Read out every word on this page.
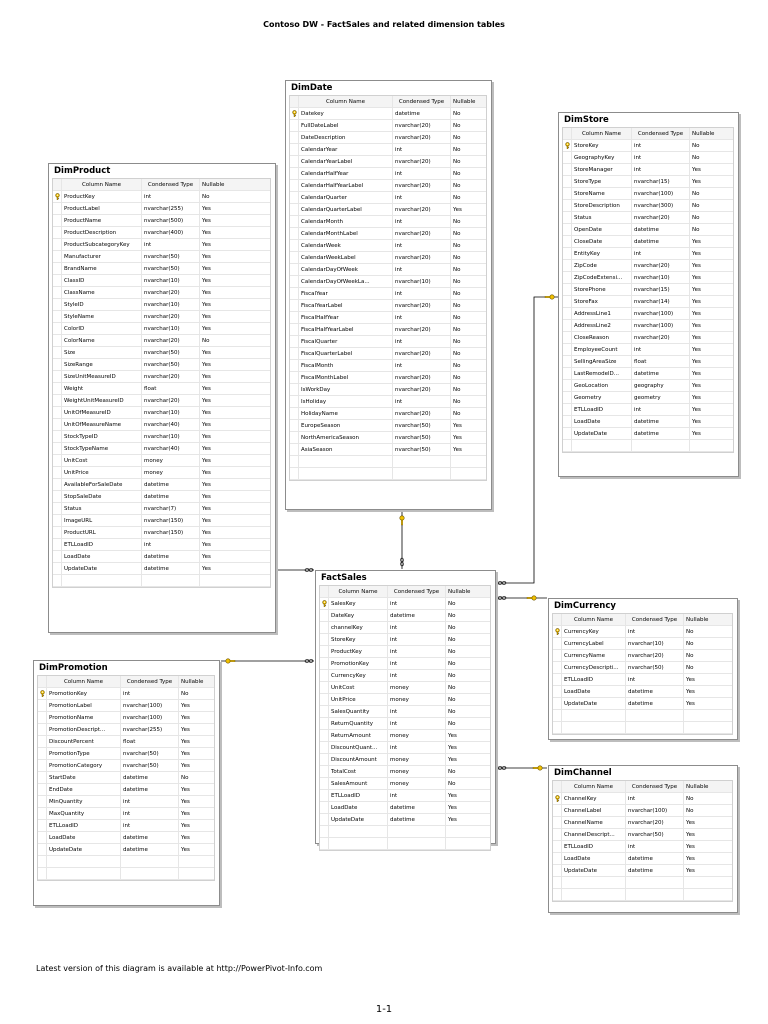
Contoso DW - FactSales and related dimension tables
DimDate
Column Name	Condensed Type	Nullable
Datekey	datetime	No
FullDateLabel	nvarchar(20)	No
DateDescription	nvarchar(20)	No
CalendarYear	int	No
CalendarYearLabel	nvarchar(20)	No
CalendarHalfYear	int	No
CalendarHalfYearLabel	nvarchar(20)	No
CalendarQuarter	int	No
CalendarQuarterLabel	nvarchar(20)	Yes
CalendarMonth	int	No
CalendarMonthLabel	nvarchar(20)	No
CalendarWeek	int	No
CalendarWeekLabel	nvarchar(20)	No
CalendarDayOfWeek	int	No
CalendarDayOfWeekLa...	nvarchar(10)	No
FiscalYear	int	No
FiscalYearLabel	nvarchar(20)	No
FiscalHalfYear	int	No
FiscalHalfYearLabel	nvarchar(20)	No
FiscalQuarter	int	No
FiscalQuarterLabel	nvarchar(20)	No
FiscalMonth	int	No
FiscalMonthLabel	nvarchar(20)	No
IsWorkDay	nvarchar(20)	No
IsHoliday	int	No
HolidayName	nvarchar(20)	No
EuropeSeason	nvarchar(50)	Yes
NorthAmericaSeason	nvarchar(50)	Yes
AsiaSeason	nvarchar(50)	Yes
DimStore
Column Name	Condensed Type	Nullable
StoreKey	int	No
GeographyKey	int	No
StoreManager	int	Yes
StoreType	nvarchar(15)	Yes
StoreName	nvarchar(100)	No
StoreDescription	nvarchar(300)	No
Status	nvarchar(20)	No
OpenDate	datetime	No
CloseDate	datetime	Yes
EntityKey	int	Yes
ZipCode	nvarchar(20)	Yes
ZipCodeExtensi...	nvarchar(10)	Yes
StorePhone	nvarchar(15)	Yes
StoreFax	nvarchar(14)	Yes
AddressLine1	nvarchar(100)	Yes
AddressLine2	nvarchar(100)	Yes
CloseReason	nvarchar(20)	Yes
EmployeeCount	int	Yes
SellingAreaSize	float	Yes
LastRemodelD...	datetime	Yes
GeoLocation	geography	Yes
Geometry	geometry	Yes
ETLLoadID	int	Yes
LoadDate	datetime	Yes
UpdateDate	datetime	Yes
DimProduct
Column Name	Condensed Type	Nullable
ProductKey	int	No
ProductLabel	nvarchar(255)	Yes
ProductName	nvarchar(500)	Yes
ProductDescription	nvarchar(400)	Yes
ProductSubcategoryKey	int	Yes
Manufacturer	nvarchar(50)	Yes
BrandName	nvarchar(50)	Yes
ClassID	nvarchar(10)	Yes
ClassName	nvarchar(20)	Yes
StyleID	nvarchar(10)	Yes
StyleName	nvarchar(20)	Yes
ColorID	nvarchar(10)	Yes
ColorName	nvarchar(20)	No
Size	nvarchar(50)	Yes
SizeRange	nvarchar(50)	Yes
SizeUnitMeasureID	nvarchar(20)	Yes
Weight	float	Yes
WeightUnitMeasureID	nvarchar(20)	Yes
UnitOfMeasureID	nvarchar(10)	Yes
UnitOfMeasureName	nvarchar(40)	Yes
StockTypeID	nvarchar(10)	Yes
StockTypeName	nvarchar(40)	Yes
UnitCost	money	Yes
UnitPrice	money	Yes
AvailableForSaleDate	datetime	Yes
StopSaleDate	datetime	Yes
Status	nvarchar(7)	Yes
ImageURL	nvarchar(150)	Yes
ProductURL	nvarchar(150)	Yes
ETLLoadID	int	Yes
LoadDate	datetime	Yes
UpdateDate	datetime	Yes
FactSales
Column Name	Condensed Type	Nullable
SalesKey	int	No
DateKey	datetime	No
channelKey	int	No
StoreKey	int	No
ProductKey	int	No
PromotionKey	int	No
CurrencyKey	int	No
UnitCost	money	No
UnitPrice	money	No
SalesQuantity	int	No
ReturnQuantity	int	No
ReturnAmount	money	Yes
DiscountQuant...	int	Yes
DiscountAmount	money	Yes
TotalCost	money	No
SalesAmount	money	No
ETLLoadID	int	Yes
LoadDate	datetime	Yes
UpdateDate	datetime	Yes
DimCurrency
Column Name	Condensed Type	Nullable
CurrencyKey	int	No
CurrencyLabel	nvarchar(10)	No
CurrencyName	nvarchar(20)	No
CurrencyDescripti...	nvarchar(50)	No
ETLLoadID	int	Yes
LoadDate	datetime	Yes
UpdateDate	datetime	Yes
DimPromotion
Column Name	Condensed Type	Nullable
PromotionKey	int	No
PromotionLabel	nvarchar(100)	Yes
PromotionName	nvarchar(100)	Yes
PromotionDescript...	nvarchar(255)	Yes
DiscountPercent	float	Yes
PromotionType	nvarchar(50)	Yes
PromotionCategory	nvarchar(50)	Yes
StartDate	datetime	No
EndDate	datetime	Yes
MinQuantity	int	Yes
MaxQuantity	int	Yes
ETLLoadID	int	Yes
LoadDate	datetime	Yes
UpdateDate	datetime	Yes
DimChannel
Column Name	Condensed Type	Nullable
ChannelKey	int	No
ChannelLabel	nvarchar(100)	No
ChannelName	nvarchar(20)	Yes
ChannelDescript...	nvarchar(50)	Yes
ETLLoadID	int	Yes
LoadDate	datetime	Yes
UpdateDate	datetime	Yes
Latest version of this diagram is available at http://PowerPivot-Info.com
1-1
